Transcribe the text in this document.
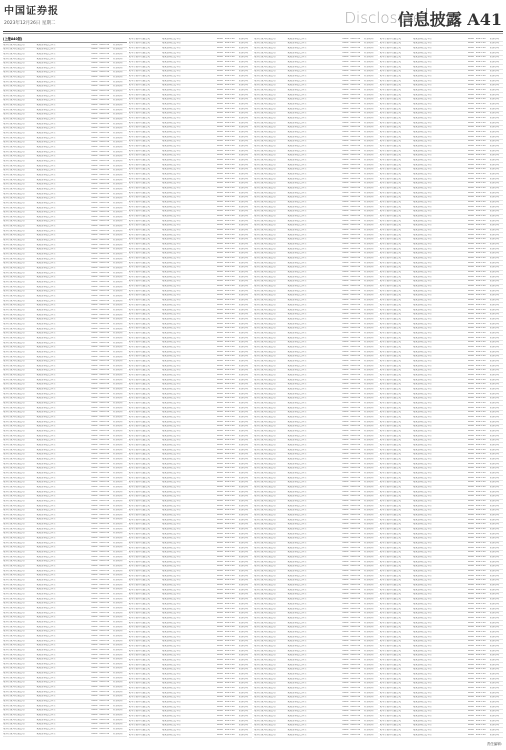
中国证券报
2023年12月26日 星期二	Disclosure
信息披露 A41
(上接A40版)
某基金管理有限公司	某某证券投资基金	0000 2023-12	业务办理
某基金管理有限公司	某某证券投资基金	0000 2023-12	业务办理
某基金管理有限公司	某某证券投资基金	0000 2023-12	业务办理
某基金管理有限公司	某某证券投资基金	0000 2023-12	业务办理
某基金管理有限公司	某某证券投资基金	0000 2023-12	业务办理
某基金管理有限公司	某某证券投资基金	0000 2023-12	业务办理
某基金管理有限公司	某某证券投资基金	0000 2023-12	业务办理
某基金管理有限公司	某某证券投资基金	0000 2023-12	业务办理
某基金管理有限公司	某某证券投资基金	0000 2023-12	业务办理
某基金管理有限公司	某某证券投资基金	0000 2023-12	业务办理
某基金管理有限公司	某某证券投资基金	0000 2023-12	业务办理
某基金管理有限公司	某某证券投资基金	0000 2023-12	业务办理
某基金管理有限公司	某某证券投资基金	0000 2023-12	业务办理
某基金管理有限公司	某某证券投资基金	0000 2023-12	业务办理
某基金管理有限公司	某某证券投资基金	0000 2023-12	业务办理
某基金管理有限公司	某某证券投资基金	0000 2023-12	业务办理
某基金管理有限公司	某某证券投资基金	0000 2023-12	业务办理
某基金管理有限公司	某某证券投资基金	0000 2023-12	业务办理
某基金管理有限公司	某某证券投资基金	0000 2023-12	业务办理
某基金管理有限公司	某某证券投资基金	0000 2023-12	业务办理
某基金管理有限公司	某某证券投资基金	0000 2023-12	业务办理
某基金管理有限公司	某某证券投资基金	0000 2023-12	业务办理
某基金管理有限公司	某某证券投资基金	0000 2023-12	业务办理
某基金管理有限公司	某某证券投资基金	0000 2023-12	业务办理
某基金管理有限公司	某某证券投资基金	0000 2023-12	业务办理
某基金管理有限公司	某某证券投资基金	0000 2023-12	业务办理
某基金管理有限公司	某某证券投资基金	0000 2023-12	业务办理
某基金管理有限公司	某某证券投资基金	0000 2023-12	业务办理
某基金管理有限公司	某某证券投资基金	0000 2023-12	业务办理
某基金管理有限公司	某某证券投资基金	0000 2023-12	业务办理
某基金管理有限公司	某某证券投资基金	0000 2023-12	业务办理
某基金管理有限公司	某某证券投资基金	0000 2023-12	业务办理
某基金管理有限公司	某某证券投资基金	0000 2023-12	业务办理
某基金管理有限公司	某某证券投资基金	0000 2023-12	业务办理
某基金管理有限公司	某某证券投资基金	0000 2023-12	业务办理
某基金管理有限公司	某某证券投资基金	0000 2023-12	业务办理
某基金管理有限公司	某某证券投资基金	0000 2023-12	业务办理
某基金管理有限公司	某某证券投资基金	0000 2023-12	业务办理
某基金管理有限公司	某某证券投资基金	0000 2023-12	业务办理
某基金管理有限公司	某某证券投资基金	0000 2023-12	业务办理
某基金管理有限公司	某某证券投资基金	0000 2023-12	业务办理
某基金管理有限公司	某某证券投资基金	0000 2023-12	业务办理
某基金管理有限公司	某某证券投资基金	0000 2023-12	业务办理
某基金管理有限公司	某某证券投资基金	0000 2023-12	业务办理
某基金管理有限公司	某某证券投资基金	0000 2023-12	业务办理
某基金管理有限公司	某某证券投资基金	0000 2023-12	业务办理
某基金管理有限公司	某某证券投资基金	0000 2023-12	业务办理
某基金管理有限公司	某某证券投资基金	0000 2023-12	业务办理
某基金管理有限公司	某某证券投资基金	0000 2023-12	业务办理
某基金管理有限公司	某某证券投资基金	0000 2023-12	业务办理
某基金管理有限公司	某某证券投资基金	0000 2023-12	业务办理
某基金管理有限公司	某某证券投资基金	0000 2023-12	业务办理
某基金管理有限公司	某某证券投资基金	0000 2023-12	业务办理
某基金管理有限公司	某某证券投资基金	0000 2023-12	业务办理
某基金管理有限公司	某某证券投资基金	0000 2023-12	业务办理
某基金管理有限公司	某某证券投资基金	0000 2023-12	业务办理
某基金管理有限公司	某某证券投资基金	0000 2023-12	业务办理
某基金管理有限公司	某某证券投资基金	0000 2023-12	业务办理
某基金管理有限公司	某某证券投资基金	0000 2023-12	业务办理
某基金管理有限公司	某某证券投资基金	0000 2023-12	业务办理
某基金管理有限公司	某某证券投资基金	0000 2023-12	业务办理
某基金管理有限公司	某某证券投资基金	0000 2023-12	业务办理
某基金管理有限公司	某某证券投资基金	0000 2023-12	业务办理
某基金管理有限公司	某某证券投资基金	0000 2023-12	业务办理
某基金管理有限公司	某某证券投资基金	0000 2023-12	业务办理
某基金管理有限公司	某某证券投资基金	0000 2023-12	业务办理
某基金管理有限公司	某某证券投资基金	0000 2023-12	业务办理
某基金管理有限公司	某某证券投资基金	0000 2023-12	业务办理
某基金管理有限公司	某某证券投资基金	0000 2023-12	业务办理
某基金管理有限公司	某某证券投资基金	0000 2023-12	业务办理
某基金管理有限公司	某某证券投资基金	0000 2023-12	业务办理
某基金管理有限公司	某某证券投资基金	0000 2023-12	业务办理
某基金管理有限公司	某某证券投资基金	0000 2023-12	业务办理
某基金管理有限公司	某某证券投资基金	0000 2023-12	业务办理
某基金管理有限公司	某某证券投资基金	0000 2023-12	业务办理
某基金管理有限公司	某某证券投资基金	0000 2023-12	业务办理
某基金管理有限公司	某某证券投资基金	0000 2023-12	业务办理
某基金管理有限公司	某某证券投资基金	0000 2023-12	业务办理
某基金管理有限公司	某某证券投资基金	0000 2023-12	业务办理
某基金管理有限公司	某某证券投资基金	0000 2023-12	业务办理
某基金管理有限公司	某某证券投资基金	0000 2023-12	业务办理
某基金管理有限公司	某某证券投资基金	0000 2023-12	业务办理
某基金管理有限公司	某某证券投资基金	0000 2023-12	业务办理
某基金管理有限公司	某某证券投资基金	0000 2023-12	业务办理
某基金管理有限公司	某某证券投资基金	0000 2023-12	业务办理
某基金管理有限公司	某某证券投资基金	0000 2023-12	业务办理
某基金管理有限公司	某某证券投资基金	0000 2023-12	业务办理
某基金管理有限公司	某某证券投资基金	0000 2023-12	业务办理
某基金管理有限公司	某某证券投资基金	0000 2023-12	业务办理
某基金管理有限公司	某某证券投资基金	0000 2023-12	业务办理
某基金管理有限公司	某某证券投资基金	0000 2023-12	业务办理
某基金管理有限公司	某某证券投资基金	0000 2023-12	业务办理
某基金管理有限公司	某某证券投资基金	0000 2023-12	业务办理
某基金管理有限公司	某某证券投资基金	0000 2023-12	业务办理
某基金管理有限公司	某某证券投资基金	0000 2023-12	业务办理
某基金管理有限公司	某某证券投资基金	0000 2023-12	业务办理
某基金管理有限公司	某某证券投资基金	0000 2023-12	业务办理
某基金管理有限公司	某某证券投资基金	0000 2023-12	业务办理
某基金管理有限公司	某某证券投资基金	0000 2023-12	业务办理
某基金管理有限公司	某某证券投资基金	0000 2023-12	业务办理
某基金管理有限公司	某某证券投资基金	0000 2023-12	业务办理
某基金管理有限公司	某某证券投资基金	0000 2023-12	业务办理
某基金管理有限公司	某某证券投资基金	0000 2023-12	业务办理
某基金管理有限公司	某某证券投资基金	0000 2023-12	业务办理
某基金管理有限公司	某某证券投资基金	0000 2023-12	业务办理
某基金管理有限公司	某某证券投资基金	0000 2023-12	业务办理
某基金管理有限公司	某某证券投资基金	0000 2023-12	业务办理
某基金管理有限公司	某某证券投资基金	0000 2023-12	业务办理
某基金管理有限公司	某某证券投资基金	0000 2023-12	业务办理
某基金管理有限公司	某某证券投资基金	0000 2023-12	业务办理
某基金管理有限公司	某某证券投资基金	0000 2023-12	业务办理
某基金管理有限公司	某某证券投资基金	0000 2023-12	业务办理
某基金管理有限公司	某某证券投资基金	0000 2023-12	业务办理
某基金管理有限公司	某某证券投资基金	0000 2023-12	业务办理
某基金管理有限公司	某某证券投资基金	0000 2023-12	业务办理
某基金管理有限公司	某某证券投资基金	0000 2023-12	业务办理
某基金管理有限公司	某某证券投资基金	0000 2023-12	业务办理
某基金管理有限公司	某某证券投资基金	0000 2023-12	业务办理
某基金管理有限公司	某某证券投资基金	0000 2023-12	业务办理
某基金管理有限公司	某某证券投资基金	0000 2023-12	业务办理
某基金管理有限公司	某某证券投资基金	0000 2023-12	业务办理
某基金管理有限公司	某某证券投资基金	0000 2023-12	业务办理
某基金管理有限公司	某某证券投资基金	0000 2023-12	业务办理
某基金管理有限公司	某某证券投资基金	0000 2023-12	业务办理
某基金管理有限公司	某某证券投资基金	0000 2023-12	业务办理
某基金管理有限公司	某某证券投资基金	0000 2023-12	业务办理
某基金管理有限公司	某某证券投资基金	0000 2023-12	业务办理
某基金管理有限公司	某某证券投资基金	0000 2023-12	业务办理
某基金管理有限公司	某某证券投资基金	0000 2023-12	业务办理
某基金管理有限公司	某某证券投资基金	0000 2023-12	业务办理
某基金管理有限公司	某某证券投资基金	0000 2023-12	业务办理
某基金管理有限公司	某某证券投资基金	0000 2023-12	业务办理
某基金管理有限公司	某某证券投资基金	0000 2023-12	业务办理
某基金管理有限公司	某某证券投资基金	0000 2023-12	业务办理
某基金管理有限公司	某某证券投资基金	0000 2023-12	业务办理
某基金管理有限公司	某某证券投资基金	0000 2023-12	业务办理
某基金管理有限公司	某某证券投资基金	0000 2023-12	业务办理
某基金管理有限公司	某某证券投资基金	0000 2023-12	业务办理
某基金管理有限公司	某某证券投资基金	0000 2023-12	业务办理
某基金管理有限公司	某某证券投资基金	0000 2023-12	业务办理
某基金管理有限公司	某某证券投资基金	0000 2023-12	业务办理
某基金管理有限公司	某某证券投资基金	0000 2023-12	业务办理
某基金管理有限公司	某某证券投资基金	0000 2023-12	业务办理
某基金管理有限公司	某某证券投资基金	0000 2023-12	业务办理
某基金管理有限公司	某某证券投资基金	0000 2023-12	业务办理
某基金管理有限公司	某某证券投资基金	0000 2023-12	业务办理
某基金管理有限公司	某某证券投资基金	0000 2023-12	业务办理
某基金管理有限公司	某某证券投资基金	0000 2023-12	业务办理
某基金管理有限公司	某某证券投资基金	0000 2023-12	业务办理
某基金管理有限公司	某某证券投资基金	0000 2023-12	业务办理
某基金管理有限公司	某某证券投资基金	0000 2023-12	业务办理
某基金管理有限公司	某某证券投资基金	0000 2023-12	业务办理
某基金管理有限公司	某某证券投资基金	0000 2023-12	业务办理
某基金管理有限公司	某某证券投资基金	0000 2023-12	业务办理
某基金管理有限公司	某某证券投资基金	0000 2023-12	业务办理
某基金管理有限公司	某某证券投资基金	0000 2023-12	业务办理
某基金管理有限公司	某某证券投资基金	0000 2023-12	业务办理
某基金管理有限公司	某某证券投资基金	0000 2023-12	业务办理
某基金管理有限公司	某某证券投资基金	0000 2023-12	业务办理
某基金管理有限公司	某某证券投资基金	0000 2023-12	业务办理
某基金管理有限公司	某某证券投资基金	0000 2023-12	业务办理
某基金管理有限公司	某某证券投资基金	0000 2023-12	业务办理
某基金管理有限公司	某某证券投资基金	0000 2023-12	业务办理
某基金管理有限公司	某某证券投资基金	0000 2023-12	业务办理
某基金管理有限公司	某某证券投资基金	0000 2023-12	业务办理
某基金管理有限公司	某某证券投资基金	0000 2023-12	业务办理
某基金管理有限公司	某某证券投资基金	0000 2023-12	业务办理
某基金管理有限公司	某某证券投资基金	0000 2023-12	业务办理
某基金管理有限公司	某某证券投资基金	0000 2023-12	业务办理
某基金管理有限公司	某某证券投资基金	0000 2023-12	业务办理
某基金管理有限公司	某某证券投资基金	0000 2023-12	业务办理
某基金管理有限公司	某某证券投资基金	0000 2023-12	业务办理
某基金管理有限公司	某某证券投资基金	0000 2023-12	业务办理
某基金管理有限公司	某某证券投资基金	0000 2023-12	业务办理
某基金管理有限公司	某某证券投资基金	0000 2023-12	业务办理
某基金管理有限公司	某某证券投资基金	0000 2023-12	业务办理
某基金管理有限公司	某某证券投资基金	0000 2023-12	业务办理
某基金管理有限公司	某某证券投资基金	0000 2023-12	业务办理
某基金管理有限公司	某某证券投资基金	0000 2023-12	业务办理
某基金管理有限公司	某某证券投资基金	0000 2023-12	业务办理
某基金管理有限公司	某某证券投资基金	0000 2023-12	业务办理
某基金管理有限公司	某某证券投资基金	0000 2023-12	业务办理
某基金管理有限公司	某某证券投资基金	0000 2023-12	业务办理
某基金管理有限公司	某某证券投资基金	0000 2023-12	业务办理
某基金管理有限公司	某某证券投资基金	0000 2023-12	业务办理
某基金管理有限公司	某某证券投资基金	0000 2023-12	业务办理
某基金管理有限公司	某某证券投资基金	0000 2023-12	业务办理
某基金管理有限公司	某某证券投资基金	0000 2023-12	业务办理
某基金管理有限公司	某某证券投资基金	0000 2023-12	业务办理
某基金管理有限公司	某某证券投资基金	0000 2023-12	业务办理
某基金管理有限公司	某某证券投资基金	0000 2023-12	业务办理
某基金管理有限公司	某某证券投资基金	0000 2023-12	业务办理
某基金管理有限公司	某某证券投资基金	0000 2023-12	业务办理
某基金管理有限公司	某某证券投资基金	0000 2023-12	业务办理
某基金管理有限公司	某某证券投资基金	0000 2023-12	业务办理
某基金管理有限公司	某某证券投资基金	0000 2023-12	业务办理
某基金管理有限公司	某某证券投资基金	0000 2023-12	业务办理
某基金管理有限公司	某某证券投资基金	0000 2023-12	业务办理
某基金管理有限公司	某某证券投资基金	0000 2023-12	业务办理
某基金管理有限公司	某某证券投资基金	0000 2023-12	业务办理
某基金管理有限公司	某某证券投资基金	0000 2023-12	业务办理
某基金管理有限公司	某某证券投资基金	0000 2023-12	业务办理
某基金管理有限公司	某某证券投资基金	0000 2023-12	业务办理
某基金管理有限公司	某某证券投资基金	0000 2023-12	业务办理
某基金管理有限公司	某某证券投资基金	0000 2023-12	业务办理
某基金管理有限公司	某某证券投资基金	0000 2023-12	业务办理
某基金管理有限公司	某某证券投资基金	0000 2023-12	业务办理
某基金管理有限公司	某某证券投资基金	0000 2023-12	业务办理
某基金管理有限公司	某某证券投资基金	0000 2023-12	业务办理
某基金管理有限公司	某某证券投资基金	0000 2023-12	业务办理
某基金管理有限公司	某某证券投资基金	0000 2023-12	业务办理
某基金管理有限公司	某某证券投资基金	0000 2023-12	业务办理
某基金管理有限公司	某某证券投资基金	0000 2023-12	业务办理
某基金管理有限公司	某某证券投资基金	0000 2023-12	业务办理
某基金管理有限公司	某某证券投资基金	0000 2023-12	业务办理
某基金管理有限公司	某某证券投资基金	0000 2023-12	业务办理
某基金管理有限公司	某某证券投资基金	0000 2023-12	业务办理
某基金管理有限公司	某某证券投资基金	0000 2023-12	业务办理
某基金管理有限公司	某某证券投资基金	0000 2023-12	业务办理
某基金管理有限公司	某某证券投资基金	0000 2023-12	业务办理
某基金管理有限公司	某某证券投资基金	0000 2023-12	业务办理
某基金管理有限公司	某某证券投资基金	0000 2023-12	业务办理
某基金管理有限公司	某某证券投资基金	0000 2023-12	业务办理
某基金管理有限公司	某某证券投资基金	0000 2023-12	业务办理
某基金管理有限公司	某某证券投资基金	0000 2023-12	业务办理
某基金管理有限公司	某某证券投资基金	0000 2023-12	业务办理
某基金管理有限公司	某某证券投资基金	0000 2023-12	业务办理
某基金管理有限公司	某某证券投资基金	0000 2023-12	业务办理
某基金管理有限公司	某某证券投资基金	0000 2023-12	业务办理
某基金管理有限公司	某某证券投资基金	0000 2023-12	业务办理
某基金管理有限公司	某某证券投资基金	0000 2023-12	业务办理
某基金管理有限公司	某某证券投资基金	0000 2023-12	业务办理
某基金管理有限公司	某某证券投资基金	0000 2023-12	业务办理
某基金管理有限公司	某某证券投资基金	0000 2023-12	业务办理
某基金管理有限公司	某某证券投资基金	0000 2023-12	业务办理
某基金管理有限公司	某某证券投资基金	0000 2023-12	业务办理
某基金管理有限公司	某某证券投资基金	0000 2023-12	业务办理
某基金管理有限公司	某某证券投资基金	0000 2023-12	业务办理
某基金管理有限公司	某某证券投资基金	0000 2023-12	业务办理
某基金管理有限公司	某某证券投资基金	0000 2023-12	业务办理
某基金管理有限公司	某某证券投资基金	0000 2023-12	业务办理
某基金管理有限公司	某某证券投资基金	0000 2023-12	业务办理
某基金管理有限公司	某某证券投资基金	0000 2023-12	业务办理
某基金管理有限公司	某某证券投资基金	0000 2023-12	业务办理
某基金管理有限公司	某某证券投资基金	0000 2023-12	业务办理
某基金管理有限公司	某某证券投资基金	0000 2023-12	业务办理
某基金管理有限公司	某某证券投资基金	0000 2023-12	业务办理
某基金管理有限公司	某某证券投资基金	0000 2023-12	业务办理
某基金管理有限公司	某某证券投资基金	0000 2023-12	业务办理
某基金管理有限公司	某某证券投资基金	0000 2023-12	业务办理
某基金管理有限公司	某某证券投资基金	0000 2023-12	业务办理
某基金管理有限公司	某某证券投资基金	0000 2023-12	业务办理
某基金管理有限公司	某某证券投资基金	0000 2023-12	业务办理
某基金管理有限公司	某某证券投资基金	0000 2023-12	业务办理
某基金管理有限公司	某某证券投资基金	0000 2023-12	业务办理
某基金管理有限公司	某某证券投资基金	0000 2023-12	业务办理
某基金管理有限公司	某某证券投资基金	0000 2023-12	业务办理
某基金管理有限公司	某某证券投资基金	0000 2023-12	业务办理
某基金管理有限公司	某某证券投资基金	0000 2023-12	业务办理
某基金管理有限公司	某某证券投资基金	0000 2023-12	业务办理
某基金管理有限公司	某某证券投资基金	0000 2023-12	业务办理
某基金管理有限公司	某某证券投资基金	0000 2023-12	业务办理
某基金管理有限公司	某某证券投资基金	0000 2023-12	业务办理
某基金管理有限公司	某某证券投资基金	0000 2023-12	业务办理
某基金管理有限公司	某某证券投资基金	0000 2023-12	业务办理
某基金管理有限公司	某某证券投资基金	0000 2023-12	业务办理
某基金管理有限公司	某某证券投资基金	0000 2023-12	业务办理
某基金管理有限公司	某某证券投资基金	0000 2023-12	业务办理
某基金管理有限公司	某某证券投资基金	0000 2023-12	业务办理
某基金管理有限公司	某某证券投资基金	0000 2023-12	业务办理
某基金管理有限公司	某某证券投资基金	0000 2023-12	业务办理
某基金管理有限公司	某某证券投资基金	0000 2023-12	业务办理
某基金管理有限公司	某某证券投资基金	0000 2023-12	业务办理
某基金管理有限公司	某某证券投资基金	0000 2023-12	业务办理
某基金管理有限公司	某某证券投资基金	0000 2023-12	业务办理
某基金管理有限公司	某某证券投资基金	0000 2023-12	业务办理
某基金管理有限公司	某某证券投资基金	0000 2023-12	业务办理
某基金管理有限公司	某某证券投资基金	0000 2023-12	业务办理
某基金管理有限公司	某某证券投资基金	0000 2023-12	业务办理
某基金管理有限公司	某某证券投资基金	0000 2023-12	业务办理
某基金管理有限公司	某某证券投资基金	0000 2023-12	业务办理
某基金管理有限公司	某某证券投资基金	0000 2023-12	业务办理
某基金管理有限公司	某某证券投资基金	0000 2023-12	业务办理
某基金管理有限公司	某某证券投资基金	0000 2023-12	业务办理
某基金管理有限公司	某某证券投资基金	0000 2023-12	业务办理
某基金管理有限公司	某某证券投资基金	0000 2023-12	业务办理
某基金管理有限公司	某某证券投资基金	0000 2023-12	业务办理
某基金管理有限公司	某某证券投资基金	0000 2023-12	业务办理
某基金管理有限公司	某某证券投资基金	0000 2023-12	业务办理
某基金管理有限公司	某某证券投资基金	0000 2023-12	业务办理
某基金管理有限公司	某某证券投资基金	0000 2023-12	业务办理
某基金管理有限公司	某某证券投资基金	0000 2023-12	业务办理
某基金管理有限公司	某某证券投资基金	0000 2023-12	业务办理
某基金管理有限公司	某某证券投资基金	0000 2023-12	业务办理
某基金管理有限公司	某某证券投资基金	0000 2023-12	业务办理
某基金管理有限公司	某某证券投资基金	0000 2023-12	业务办理
某基金管理有限公司	某某证券投资基金	0000 2023-12	业务办理
某基金管理有限公司	某某证券投资基金	0000 2023-12	业务办理
某基金管理有限公司	某某证券投资基金	0000 2023-12	业务办理
某基金管理有限公司	某某证券投资基金	0000 2023-12	业务办理
某基金管理有限公司	某某证券投资基金	0000 2023-12	业务办理
某基金管理有限公司	某某证券投资基金	0000 2023-12	业务办理
某基金管理有限公司	某某证券投资基金	0000 2023-12	业务办理
某基金管理有限公司	某某证券投资基金	0000 2023-12	业务办理
某基金管理有限公司	某某证券投资基金	0000 2023-12	业务办理
某基金管理有限公司	某某证券投资基金	0000 2023-12	业务办理
某基金管理有限公司	某某证券投资基金	0000 2023-12	业务办理
某基金管理有限公司	某某证券投资基金	0000 2023-12	业务办理
某基金管理有限公司	某某证券投资基金	0000 2023-12	业务办理
某基金管理有限公司	某某证券投资基金	0000 2023-12	业务办理
某基金管理有限公司	某某证券投资基金	0000 2023-12	业务办理
某基金管理有限公司	某某证券投资基金	0000 2023-12	业务办理
某基金管理有限公司	某某证券投资基金	0000 2023-12	业务办理
某基金管理有限公司	某某证券投资基金	0000 2023-12	业务办理
某基金管理有限公司	某某证券投资基金	0000 2023-12	业务办理
某基金管理有限公司	某某证券投资基金	0000 2023-12	业务办理
某基金管理有限公司	某某证券投资基金	0000 2023-12	业务办理
某基金管理有限公司	某某证券投资基金	0000 2023-12	业务办理
某基金管理有限公司	某某证券投资基金	0000 2023-12	业务办理
某基金管理有限公司	某某证券投资基金	0000 2023-12	业务办理
某基金管理有限公司	某某证券投资基金	0000 2023-12	业务办理
某基金管理有限公司	某某证券投资基金	0000 2023-12	业务办理
某基金管理有限公司	某某证券投资基金	0000 2023-12	业务办理
某基金管理有限公司	某某证券投资基金	0000 2023-12	业务办理
某基金管理有限公司	某某证券投资基金	0000 2023-12	业务办理
某基金管理有限公司	某某证券投资基金	0000 2023-12	业务办理
某基金管理有限公司	某某证券投资基金	0000 2023-12	业务办理
某基金管理有限公司	某某证券投资基金	0000 2023-12	业务办理
某基金管理有限公司	某某证券投资基金	0000 2023-12	业务办理
某基金管理有限公司	某某证券投资基金	0000 2023-12	业务办理
某基金管理有限公司	某某证券投资基金	0000 2023-12	业务办理
某基金管理有限公司	某某证券投资基金	0000 2023-12	业务办理
某基金管理有限公司	某某证券投资基金	0000 2023-12	业务办理
某基金管理有限公司	某某证券投资基金	0000 2023-12	业务办理
某基金管理有限公司	某某证券投资基金	0000 2023-12	业务办理
某基金管理有限公司	某某证券投资基金	0000 2023-12	业务办理
某基金管理有限公司	某某证券投资基金	0000 2023-12	业务办理
某基金管理有限公司	某某证券投资基金	0000 2023-12	业务办理
某基金管理有限公司	某某证券投资基金	0000 2023-12	业务办理
某基金管理有限公司	某某证券投资基金	0000 2023-12	业务办理
某基金管理有限公司	某某证券投资基金	0000 2023-12	业务办理
某基金管理有限公司	某某证券投资基金	0000 2023-12	业务办理
某基金管理有限公司	某某证券投资基金	0000 2023-12	业务办理
某基金管理有限公司	某某证券投资基金	0000 2023-12	业务办理
某基金管理有限公司	某某证券投资基金	0000 2023-12	业务办理
某基金管理有限公司	某某证券投资基金	0000 2023-12	业务办理
某基金管理有限公司	某某证券投资基金	0000 2023-12	业务办理
某基金管理有限公司	某某证券投资基金	0000 2023-12	业务办理
某基金管理有限公司	某某证券投资基金	0000 2023-12	业务办理
某基金管理有限公司	某某证券投资基金	0000 2023-12	业务办理
某基金管理有限公司	某某证券投资基金	0000 2023-12	业务办理
某基金管理有限公司	某某证券投资基金	0000 2023-12	业务办理
某基金管理有限公司	某某证券投资基金	0000 2023-12	业务办理
某基金管理有限公司	某某证券投资基金	0000 2023-12	业务办理
某基金管理有限公司	某某证券投资基金	0000 2023-12	业务办理
某基金管理有限公司	某某证券投资基金	0000 2023-12	业务办理
某基金管理有限公司	某某证券投资基金	0000 2023-12	业务办理
某基金管理有限公司	某某证券投资基金	0000 2023-12	业务办理
某基金管理有限公司	某某证券投资基金	0000 2023-12	业务办理
某基金管理有限公司	某某证券投资基金	0000 2023-12	业务办理
某基金管理有限公司	某某证券投资基金	0000 2023-12	业务办理
某基金管理有限公司	某某证券投资基金	0000 2023-12	业务办理
某基金管理有限公司	某某证券投资基金	0000 2023-12	业务办理
某基金管理有限公司	某某证券投资基金	0000 2023-12	业务办理
某基金管理有限公司	某某证券投资基金	0000 2023-12	业务办理
某基金管理有限公司	某某证券投资基金	0000 2023-12	业务办理
某基金管理有限公司	某某证券投资基金	0000 2023-12	业务办理
某基金管理有限公司	某某证券投资基金	0000 2023-12	业务办理
某基金管理有限公司	某某证券投资基金	0000 2023-12	业务办理
某基金管理有限公司	某某证券投资基金	0000 2023-12	业务办理
某基金管理有限公司	某某证券投资基金	0000 2023-12	业务办理
某基金管理有限公司	某某证券投资基金	0000 2023-12	业务办理
某基金管理有限公司	某某证券投资基金	0000 2023-12	业务办理
某基金管理有限公司	某某证券投资基金	0000 2023-12	业务办理
某基金管理有限公司	某某证券投资基金	0000 2023-12	业务办理
某基金管理有限公司	某某证券投资基金	0000 2023-12	业务办理
某基金管理有限公司	某某证券投资基金	0000 2023-12	业务办理
某基金管理有限公司	某某证券投资基金	0000 2023-12	业务办理
某基金管理有限公司	某某证券投资基金	0000 2023-12	业务办理
某基金管理有限公司	某某证券投资基金	0000 2023-12	业务办理
某基金管理有限公司	某某证券投资基金	0000 2023-12	业务办理
某基金管理有限公司	某某证券投资基金	0000 2023-12	业务办理
某基金管理有限公司	某某证券投资基金	0000 2023-12	业务办理
某基金管理有限公司	某某证券投资基金	0000 2023-12	业务办理
某基金管理有限公司	某某证券投资基金	0000 2023-12	业务办理
某基金管理有限公司	某某证券投资基金	0000 2023-12	业务办理
某基金管理有限公司	某某证券投资基金	0000 2023-12	业务办理
某基金管理有限公司	某某证券投资基金	0000 2023-12	业务办理
某基金管理有限公司	某某证券投资基金	0000 2023-12	业务办理
某基金管理有限公司	某某证券投资基金	0000 2023-12	业务办理
某基金管理有限公司	某某证券投资基金	0000 2023-12	业务办理
某基金管理有限公司	某某证券投资基金	0000 2023-12	业务办理
某基金管理有限公司	某某证券投资基金	0000 2023-12	业务办理
某基金管理有限公司	某某证券投资基金	0000 2023-12	业务办理
某基金管理有限公司	某某证券投资基金	0000 2023-12	业务办理
某基金管理有限公司	某某证券投资基金	0000 2023-12	业务办理
某基金管理有限公司	某某证券投资基金	0000 2023-12	业务办理
某基金管理有限公司	某某证券投资基金	0000 2023-12	业务办理
某基金管理有限公司	某某证券投资基金	0000 2023-12	业务办理
某基金管理有限公司	某某证券投资基金	0000 2023-12	业务办理
某基金管理有限公司	某某证券投资基金	0000 2023-12	业务办理
某基金管理有限公司	某某证券投资基金	0000 2023-12	业务办理
某基金管理有限公司	某某证券投资基金	0000 2023-12	业务办理
某基金管理有限公司	某某证券投资基金	0000 2023-12	业务办理
某基金管理有限公司	某某证券投资基金	0000 2023-12	业务办理
某基金管理有限公司	某某证券投资基金	0000 2023-12	业务办理
某基金管理有限公司	某某证券投资基金	0000 2023-12	业务办理
某基金管理有限公司	某某证券投资基金	0000 2023-12	业务办理
某基金管理有限公司	某某证券投资基金	0000 2023-12	业务办理
某基金管理有限公司	某某证券投资基金	0000 2023-12	业务办理
某基金管理有限公司	某某证券投资基金	0000 2023-12	业务办理
某基金管理有限公司	某某证券投资基金	0000 2023-12	业务办理
某基金管理有限公司	某某证券投资基金	0000 2023-12	业务办理
某基金管理有限公司	某某证券投资基金	0000 2023-12	业务办理
某基金管理有限公司	某某证券投资基金	0000 2023-12	业务办理
某基金管理有限公司	某某证券投资基金	0000 2023-12	业务办理
某基金管理有限公司	某某证券投资基金	0000 2023-12	业务办理
某基金管理有限公司	某某证券投资基金	0000 2023-12	业务办理
某基金管理有限公司	某某证券投资基金	0000 2023-12	业务办理
某基金管理有限公司	某某证券投资基金	0000 2023-12	业务办理
某基金管理有限公司	某某证券投资基金	0000 2023-12	业务办理
某基金管理有限公司	某某证券投资基金	0000 2023-12	业务办理
某基金管理有限公司	某某证券投资基金	0000 2023-12	业务办理
某基金管理有限公司	某某证券投资基金	0000 2023-12	业务办理
某基金管理有限公司	某某证券投资基金	0000 2023-12	业务办理
某基金管理有限公司	某某证券投资基金	0000 2023-12	业务办理
某基金管理有限公司	某某证券投资基金	0000 2023-12	业务办理
某基金管理有限公司	某某证券投资基金	0000 2023-12	业务办理
某基金管理有限公司	某某证券投资基金	0000 2023-12	业务办理
某基金管理有限公司	某某证券投资基金	0000 2023-12	业务办理
某基金管理有限公司	某某证券投资基金	0000 2023-12	业务办理
某基金管理有限公司	某某证券投资基金	0000 2023-12	业务办理
某基金管理有限公司	某某证券投资基金	0000 2023-12	业务办理
某基金管理有限公司	某某证券投资基金	0000 2023-12	业务办理
某基金管理有限公司	某某证券投资基金	0000 2023-12	业务办理
某基金管理有限公司	某某证券投资基金	0000 2023-12	业务办理
某基金管理有限公司	某某证券投资基金	0000 2023-12	业务办理
某基金管理有限公司	某某证券投资基金	0000 2023-12	业务办理
某基金管理有限公司	某某证券投资基金	0000 2023-12	业务办理
某基金管理有限公司	某某证券投资基金	0000 2023-12	业务办理
某基金管理有限公司	某某证券投资基金	0000 2023-12	业务办理
某基金管理有限公司	某某证券投资基金	0000 2023-12	业务办理
某基金管理有限公司	某某证券投资基金	0000 2023-12	业务办理
某基金管理有限公司	某某证券投资基金	0000 2023-12	业务办理
某基金管理有限公司	某某证券投资基金	0000 2023-12	业务办理
某基金管理有限公司	某某证券投资基金	0000 2023-12	业务办理
某基金管理有限公司	某某证券投资基金	0000 2023-12	业务办理
某基金管理有限公司	某某证券投资基金	0000 2023-12	业务办理
某基金管理有限公司	某某证券投资基金	0000 2023-12	业务办理
某基金管理有限公司	某某证券投资基金	0000 2023-12	业务办理
某基金管理有限公司	某某证券投资基金	0000 2023-12	业务办理
某基金管理有限公司	某某证券投资基金	0000 2023-12	业务办理
某基金管理有限公司	某某证券投资基金	0000 2023-12	业务办理
某基金管理有限公司	某某证券投资基金	0000 2023-12	业务办理
某基金管理有限公司	某某证券投资基金	0000 2023-12	业务办理
某基金管理有限公司	某某证券投资基金	0000 2023-12	业务办理
某基金管理有限公司	某某证券投资基金	0000 2023-12	业务办理
某基金管理有限公司	某某证券投资基金	0000 2023-12	业务办理
某基金管理有限公司	某某证券投资基金	0000 2023-12	业务办理
某基金管理有限公司	某某证券投资基金	0000 2023-12	业务办理
某基金管理有限公司	某某证券投资基金	0000 2023-12	业务办理
某基金管理有限公司	某某证券投资基金	0000 2023-12	业务办理
某基金管理有限公司	某某证券投资基金	0000 2023-12	业务办理
某基金管理有限公司	某某证券投资基金	0000 2023-12	业务办理
某基金管理有限公司	某某证券投资基金	0000 2023-12	业务办理
某基金管理有限公司	某某证券投资基金	0000 2023-12	业务办理
某基金管理有限公司	某某证券投资基金	0000 2023-12	业务办理
某基金管理有限公司	某某证券投资基金	0000 2023-12	业务办理
某基金管理有限公司	某某证券投资基金	0000 2023-12	业务办理
某基金管理有限公司	某某证券投资基金	0000 2023-12	业务办理
某基金管理有限公司	某某证券投资基金	0000 2023-12	业务办理
某基金管理有限公司	某某证券投资基金	0000 2023-12	业务办理
某基金管理有限公司	某某证券投资基金	0000 2023-12	业务办理
某基金管理有限公司	某某证券投资基金	0000 2023-12	业务办理
某基金管理有限公司	某某证券投资基金	0000 2023-12	业务办理
某基金管理有限公司	某某证券投资基金	0000 2023-12	业务办理
某基金管理有限公司	某某证券投资基金	0000 2023-12	业务办理
某基金管理有限公司	某某证券投资基金	0000 2023-12	业务办理
某基金管理有限公司	某某证券投资基金	0000 2023-12	业务办理
某基金管理有限公司	某某证券投资基金	0000 2023-12	业务办理
某基金管理有限公司	某某证券投资基金	0000 2023-12	业务办理
某基金管理有限公司	某某证券投资基金	0000 2023-12	业务办理
某基金管理有限公司	某某证券投资基金	0000 2023-12	业务办理
某基金管理有限公司	某某证券投资基金	0000 2023-12	业务办理
某基金管理有限公司	某某证券投资基金	0000 2023-12	业务办理
某基金管理有限公司	某某证券投资基金	0000 2023-12	业务办理
某基金管理有限公司	某某证券投资基金	0000 2023-12	业务办理
某基金管理有限公司	某某证券投资基金	0000 2023-12	业务办理
某基金管理有限公司	某某证券投资基金	0000 2023-12	业务办理
某基金管理有限公司	某某证券投资基金	0000 2023-12	业务办理
某基金管理有限公司	某某证券投资基金	0000 2023-12	业务办理
某基金管理有限公司	某某证券投资基金	0000 2023-12	业务办理
某基金管理有限公司	某某证券投资基金	0000 2023-12	业务办理
某基金管理有限公司	某某证券投资基金	0000 2023-12	业务办理
某基金管理有限公司	某某证券投资基金	0000 2023-12	业务办理
某基金管理有限公司	某某证券投资基金	0000 2023-12	业务办理
某基金管理有限公司	某某证券投资基金	0000 2023-12	业务办理
某基金管理有限公司	某某证券投资基金	0000 2023-12	业务办理
某基金管理有限公司	某某证券投资基金	0000 2023-12	业务办理
某基金管理有限公司	某某证券投资基金	0000 2023-12	业务办理
某基金管理有限公司	某某证券投资基金	0000 2023-12	业务办理
某基金管理有限公司	某某证券投资基金	0000 2023-12	业务办理
某基金管理有限公司	某某证券投资基金	0000 2023-12	业务办理
某基金管理有限公司	某某证券投资基金	0000 2023-12	业务办理
某基金管理有限公司	某某证券投资基金	0000 2023-12	业务办理
某基金管理有限公司	某某证券投资基金	0000 2023-12	业务办理
某基金管理有限公司	某某证券投资基金	0000 2023-12	业务办理
某基金管理有限公司	某某证券投资基金	0000 2023-12	业务办理
某基金管理有限公司	某某证券投资基金	0000 2023-12	业务办理
某基金管理有限公司	某某证券投资基金	0000 2023-12	业务办理
某基金管理有限公司	某某证券投资基金	0000 2023-12	业务办理
某基金管理有限公司	某某证券投资基金	0000 2023-12	业务办理
某基金管理有限公司	某某证券投资基金	0000 2023-12	业务办理
某基金管理有限公司	某某证券投资基金	0000 2023-12	业务办理
某基金管理有限公司	某某证券投资基金	0000 2023-12	业务办理
某基金管理有限公司	某某证券投资基金	0000 2023-12	业务办理
某基金管理有限公司	某某证券投资基金	0000 2023-12	业务办理
某基金管理有限公司	某某证券投资基金	0000 2023-12	业务办理
某基金管理有限公司	某某证券投资基金	0000 2023-12	业务办理
某基金管理有限公司	某某证券投资基金	0000 2023-12	业务办理
某基金管理有限公司	某某证券投资基金	0000 2023-12	业务办理
某基金管理有限公司	某某证券投资基金	0000 2023-12	业务办理
某基金管理有限公司	某某证券投资基金	0000 2023-12	业务办理
某基金管理有限公司	某某证券投资基金	0000 2023-12	业务办理
某基金管理有限公司	某某证券投资基金	0000 2023-12	业务办理
某基金管理有限公司	某某证券投资基金	0000 2023-12	业务办理
某基金管理有限公司	某某证券投资基金	0000 2023-12	业务办理
某基金管理有限公司	某某证券投资基金	0000 2023-12	业务办理
某基金管理有限公司	某某证券投资基金	0000 2023-12	业务办理
某基金管理有限公司	某某证券投资基金	0000 2023-12	业务办理
某基金管理有限公司	某某证券投资基金	0000 2023-12	业务办理
某基金管理有限公司	某某证券投资基金	0000 2023-12	业务办理
某基金管理有限公司	某某证券投资基金	0000 2023-12	业务办理
某基金管理有限公司	某某证券投资基金	0000 2023-12	业务办理
某基金管理有限公司	某某证券投资基金	0000 2023-12	业务办理
某基金管理有限公司	某某证券投资基金	0000 2023-12	业务办理
某基金管理有限公司	某某证券投资基金	0000 2023-12	业务办理
某基金管理有限公司	某某证券投资基金	0000 2023-12	业务办理
某基金管理有限公司	某某证券投资基金	0000 2023-12	业务办理
某基金管理有限公司	某某证券投资基金	0000 2023-12	业务办理
某基金管理有限公司	某某证券投资基金	0000 2023-12	业务办理
某基金管理有限公司	某某证券投资基金	0000 2023-12	业务办理
某基金管理有限公司	某某证券投资基金	0000 2023-12	业务办理
某基金管理有限公司	某某证券投资基金	0000 2023-12	业务办理
某基金管理有限公司	某某证券投资基金	0000 2023-12	业务办理
某基金管理有限公司	某某证券投资基金	0000 2023-12	业务办理
某基金管理有限公司	某某证券投资基金	0000 2023-12	业务办理
某基金管理有限公司	某某证券投资基金	0000 2023-12	业务办理
某基金管理有限公司	某某证券投资基金	0000 2023-12	业务办理
某基金管理有限公司	某某证券投资基金	0000 2023-12	业务办理
某基金管理有限公司	某某证券投资基金	0000 2023-12	业务办理
某基金管理有限公司	某某证券投资基金	0000 2023-12	业务办理
某基金管理有限公司	某某证券投资基金	0000 2023-12	业务办理
某基金管理有限公司	某某证券投资基金	0000 2023-12	业务办理
某基金管理有限公司	某某证券投资基金	0000 2023-12	业务办理
某基金管理有限公司	某某证券投资基金	0000 2023-12	业务办理
某基金管理有限公司	某某证券投资基金	0000 2023-12	业务办理
某基金管理有限公司	某某证券投资基金	0000 2023-12	业务办理
某基金管理有限公司	某某证券投资基金	0000 2023-12	业务办理
某基金管理有限公司	某某证券投资基金	0000 2023-12	业务办理
某基金管理有限公司	某某证券投资基金	0000 2023-12	业务办理
某基金管理有限公司	某某证券投资基金	0000 2023-12	业务办理
某基金管理有限公司	某某证券投资基金	0000 2023-12	业务办理
某基金管理有限公司	某某证券投资基金	0000 2023-12	业务办理
某基金管理有限公司	某某证券投资基金	0000 2023-12	业务办理
某基金管理有限公司	某某证券投资基金	0000 2023-12	业务办理
某基金管理有限公司	某某证券投资基金	0000 2023-12	业务办理
某基金管理有限公司	某某证券投资基金	0000 2023-12	业务办理
某基金管理有限公司	某某证券投资基金	0000 2023-12	业务办理
某基金管理有限公司	某某证券投资基金	0000 2023-12	业务办理
某基金管理有限公司	某某证券投资基金	0000 2023-12	业务办理
某基金管理有限公司	某某证券投资基金	0000 2023-12	业务办理
某基金管理有限公司	某某证券投资基金	0000 2023-12	业务办理
某基金管理有限公司	某某证券投资基金	0000 2023-12	业务办理
某基金管理有限公司	某某证券投资基金	0000 2023-12	业务办理
某基金管理有限公司	某某证券投资基金	0000 2023-12	业务办理
某基金管理有限公司	某某证券投资基金	0000 2023-12	业务办理
某基金管理有限公司	某某证券投资基金	0000 2023-12	业务办理
某基金管理有限公司	某某证券投资基金	0000 2023-12	业务办理
某基金管理有限公司	某某证券投资基金	0000 2023-12	业务办理
某基金管理有限公司	某某证券投资基金	0000 2023-12	业务办理
某基金管理有限公司	某某证券投资基金	0000 2023-12	业务办理
某基金管理有限公司	某某证券投资基金	0000 2023-12	业务办理
某基金管理有限公司	某某证券投资基金	0000 2023-12	业务办理
某基金管理有限公司	某某证券投资基金	0000 2023-12	业务办理
某基金管理有限公司	某某证券投资基金	0000 2023-12	业务办理
某基金管理有限公司	某某证券投资基金	0000 2023-12	业务办理
某基金管理有限公司	某某证券投资基金	0000 2023-12	业务办理
某基金管理有限公司	某某证券投资基金	0000 2023-12	业务办理
某基金管理有限公司	某某证券投资基金	0000 2023-12	业务办理
某基金管理有限公司	某某证券投资基金	0000 2023-12	业务办理
某基金管理有限公司	某某证券投资基金	0000 2023-12	业务办理
某基金管理有限公司	某某证券投资基金	0000 2023-12	业务办理
某基金管理有限公司	某某证券投资基金	0000 2023-12	业务办理
某基金管理有限公司	某某证券投资基金	0000 2023-12	业务办理
某基金管理有限公司	某某证券投资基金	0000 2023-12	业务办理
某基金管理有限公司	某某证券投资基金	0000 2023-12	业务办理
某基金管理有限公司	某某证券投资基金	0000 2023-12	业务办理
某基金管理有限公司	某某证券投资基金	0000 2023-12	业务办理
责任编辑:
